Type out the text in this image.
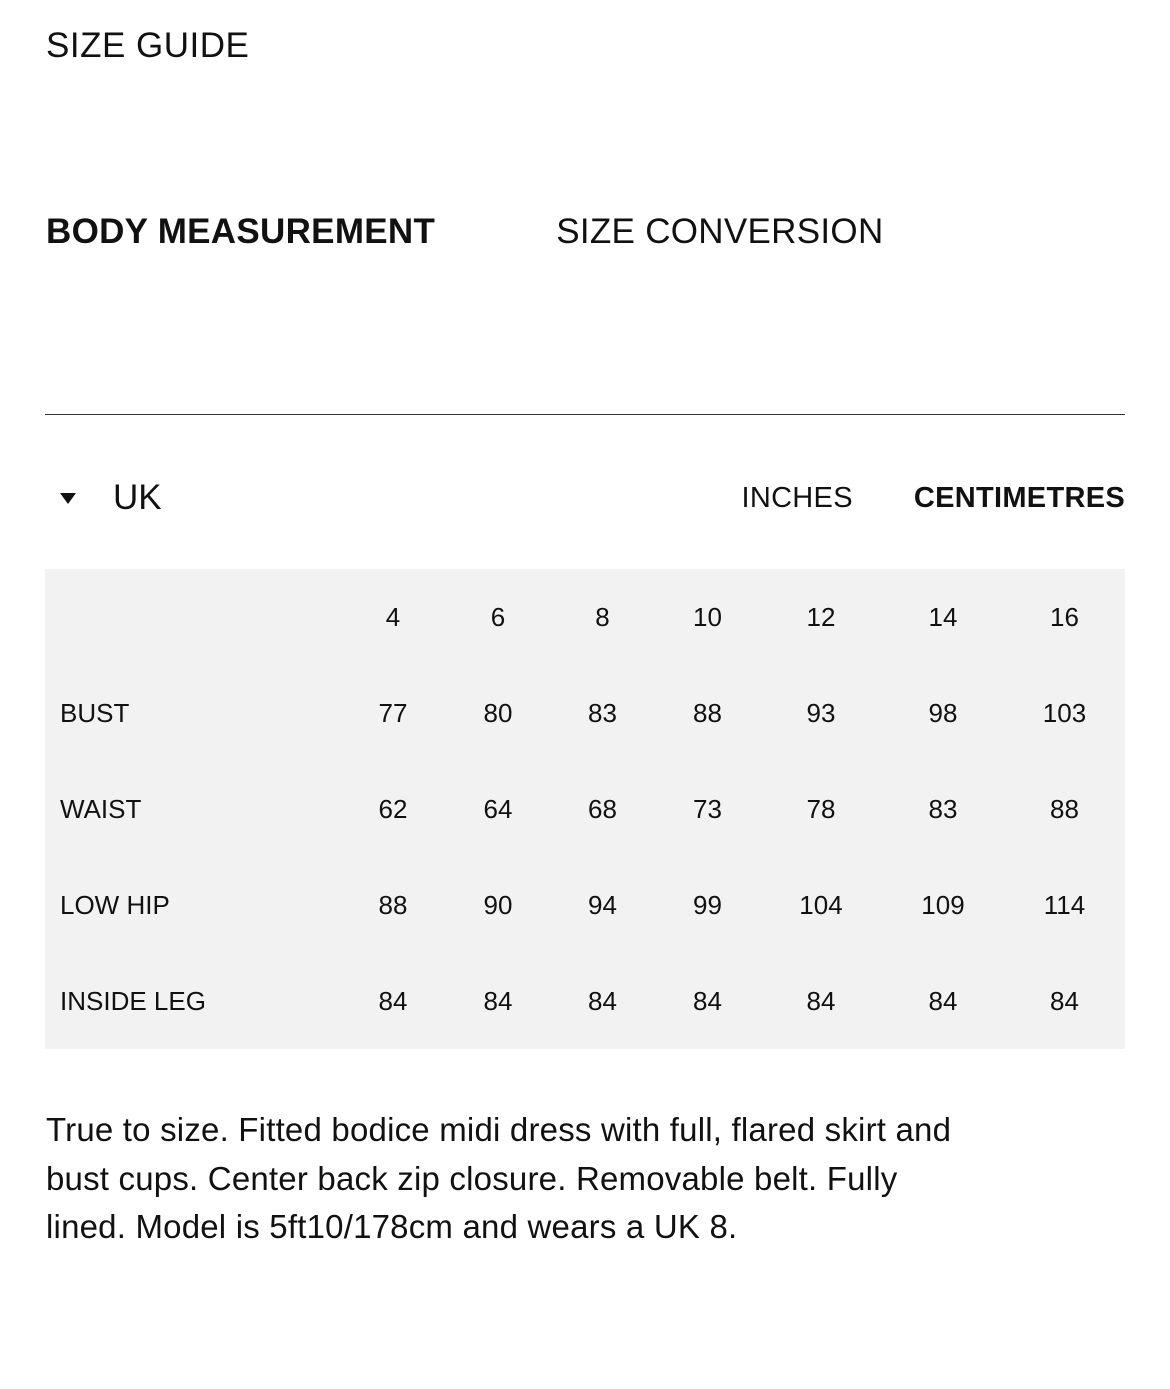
SIZE GUIDE
BODY MEASUREMENT	SIZE CONVERSION
UK	INCHES CENTIMETRES
	4	6	8	10	12	14	16
BUST	77	80	83	88	93	98	103
WAIST	62	64	68	73	78	83	88
LOW HIP	88	90	94	99	104	109	114
INSIDE LEG	84	84	84	84	84	84	84

True to size. Fitted bodice midi dress with full, flared skirt and bust cups. Center back zip closure. Removable belt. Fully lined. Model is 5ft10/178cm and wears a UK 8.
